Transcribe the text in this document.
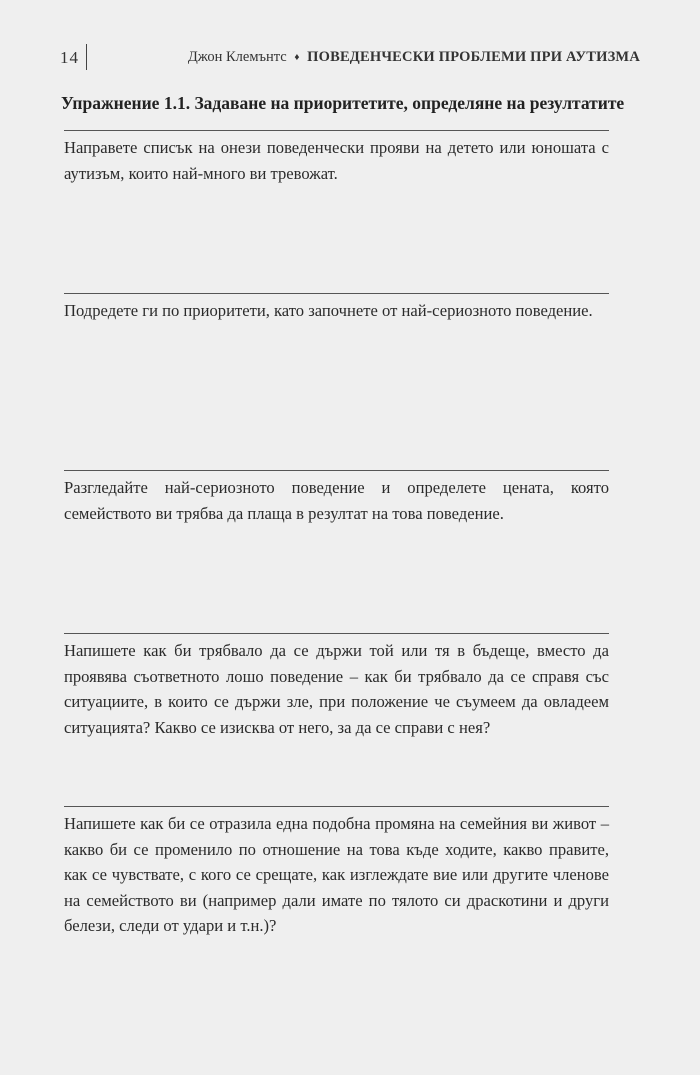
14	Джон Клемънтс ♦ ПОВЕДЕНЧЕСКИ ПРОБЛЕМИ ПРИ АУТИЗМА
Упражнение 1.1. Задаване на приоритетите, определяне на резултатите
Направете списък на онези поведенчески прояви на детето или юношата с аутизъм, които най-много ви тревожат.
Подредете ги по приоритети, като започнете от най-сериозното поведение.
Разгледайте най-сериозното поведение и определете цената, която семейството ви трябва да плаща в резултат на това поведение.
Напишете как би трябвало да се държи той или тя в бъдеще, вместо да проявява съответното лошо поведение – как би трябвало да се справя със ситуациите, в които се държи зле, при положение че съумеем да овладеем ситуацията? Какво се изисква от него, за да се справи с нея?
Напишете как би се отразила една подобна промяна на семейния ви живот – какво би се променило по отношение на това къде ходите, какво правите, как се чувствате, с кого се срещате, как изглеждате вие или другите членове на семейството ви (например дали имате по тялото си драскотини и други белези, следи от удари и т.н.)?
